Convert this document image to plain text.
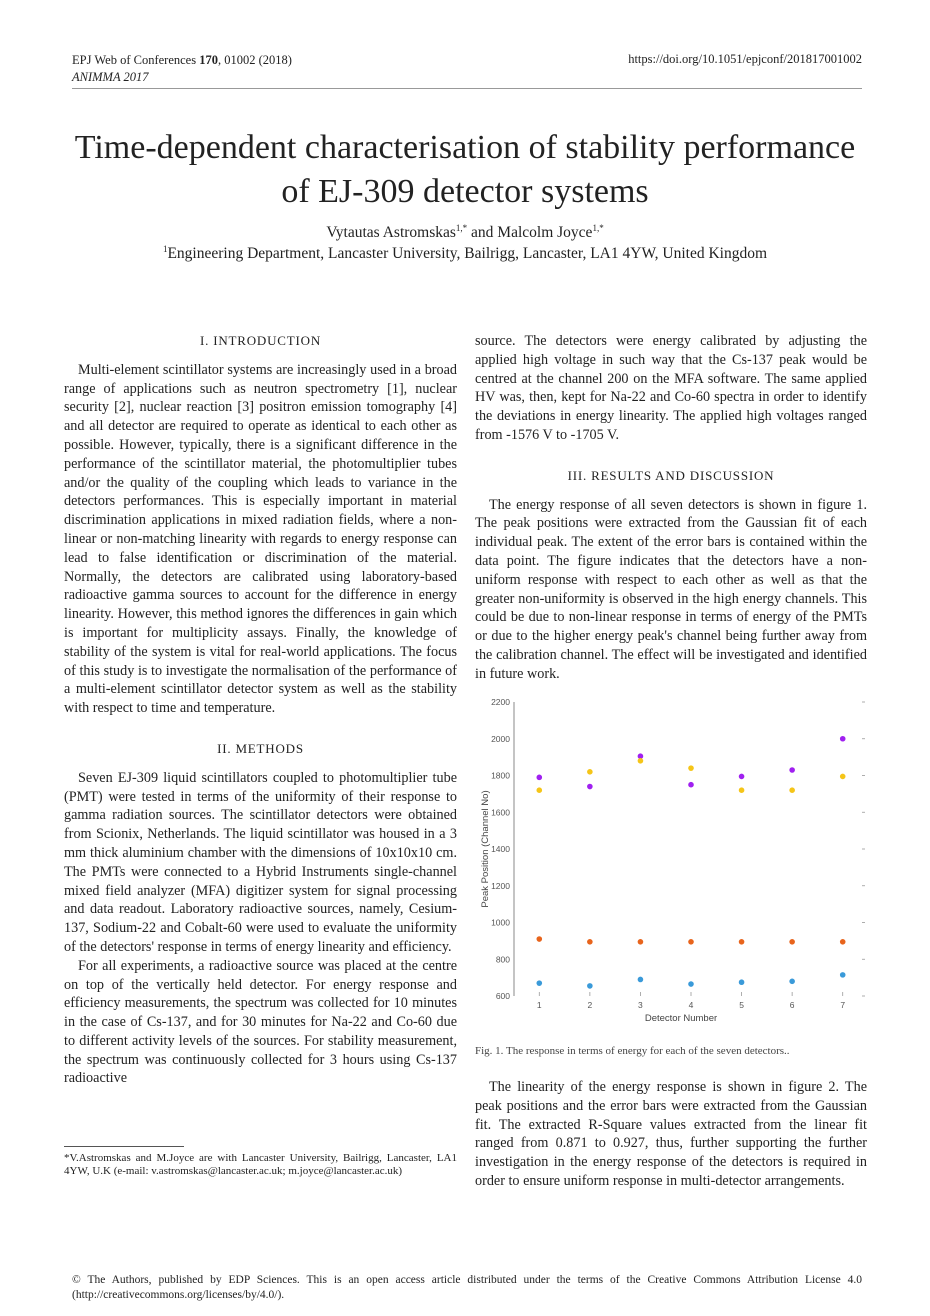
EPJ Web of Conferences 170, 01002 (2018)
ANIMMA 2017
https://doi.org/10.1051/epjconf/201817001002
Time-dependent characterisation of stability performance of EJ-309 detector systems
Vytautas Astromskas$^{1,*}$ and Malcolm Joyce$^{1,*}$
$^1$Engineering Department, Lancaster University, Bailrigg, Lancaster, LA1 4YW, United Kingdom

I. INTRODUCTION

Multi-element scintillator systems are increasingly used in a broad range of applications such as neutron spectrometry [1], nuclear security [2], nuclear reaction [3] positron emission tomography [4] and all detector are required to operate as identical to each other as possible. However, typically, there is a significant difference in the performance of the scintillator material, the photomultiplier tubes and/or the quality of the coupling which leads to variance in the detectors performances. This is especially important in material discrimination applications in mixed radiation fields, where a non-linear or non-matching linearity with regards to energy response can lead to false identification or discrimination of the material. Normally, the detectors are calibrated using laboratory-based radioactive gamma sources to account for the difference in energy linearity. However, this method ignores the differences in gain which is important for multiplicity assays. Finally, the knowledge of stability of the system is vital for real-world applications. The focus of this study is to investigate the normalisation of the performance of a multi-element scintillator detector system as well as the stability with respect to time and temperature.

II. METHODS

Seven EJ-309 liquid scintillators coupled to photomultiplier tube (PMT) were tested in terms of the uniformity of their response to gamma radiation sources. The scintillator detectors were obtained from Scionix, Netherlands. The liquid scintillator was housed in a 3 mm thick aluminium chamber with the dimensions of 10x10x10 cm. The PMTs were connected to a Hybrid Instruments single-channel mixed field analyzer (MFA) digitizer system for signal processing and data readout. Laboratory radioactive sources, namely, Cesium-137, Sodium-22 and Cobalt-60 were used to evaluate the uniformity of the detectors' response in terms of energy linearity and efficiency.

For all experiments, a radioactive source was placed at the centre on top of the vertically held detector. For energy response and efficiency measurements, the spectrum was collected for 10 minutes in the case of Cs-137, and for 30 minutes for Na-22 and Co-60 due to different activity levels of the sources. For stability measurement, the spectrum was continuously collected for 3 hours using Cs-137 radioactive

source. The detectors were energy calibrated by adjusting the applied high voltage in such way that the Cs-137 peak would be centred at the channel 200 on the MFA software. The same applied HV was, then, kept for Na-22 and Co-60 spectra in order to identify the deviations in energy linearity. The applied high voltages ranged from -1576 V to -1705 V.

III. RESULTS AND DISCUSSION

The energy response of all seven detectors is shown in figure 1. The peak positions were extracted from the Gaussian fit of each individual peak. The extent of the error bars is contained within the data point. The figure indicates that the detectors have a non-uniform response with respect to each other as well as that the greater non-uniformity is observed in the high energy channels. This could be due to non-linear response in terms of energy of the PMTs or due to the higher energy peak's channel being further away from the calibration channel. The effect will be investigated and identified in future work.

600
800
1000
1200
1400
1600
1800
2000
2200
1	2	3	4	5	6	7
Detector Number
Peak Position (Channel No)
Fig. 1. The response in terms of energy for each of the seven detectors..

The linearity of the energy response is shown in figure 2. The peak positions and the error bars were extracted from the Gaussian fit. The extracted R-Square values extracted from the linear fit ranged from 0.871 to 0.927, thus, further supporting the further investigation in the energy response of the detectors is required in order to ensure uniform response in multi-detector arrangements.

*V.Astromskas and M.Joyce are with Lancaster University, Bailrigg, Lancaster, LA1 4YW, U.K (e-mail: v.astromskas@lancaster.ac.uk; m.joyce@lancaster.ac.uk)
© The Authors, published by EDP Sciences. This is an open access article distributed under the terms of the Creative Commons Attribution License 4.0 (http://creativecommons.org/licenses/by/4.0/).
